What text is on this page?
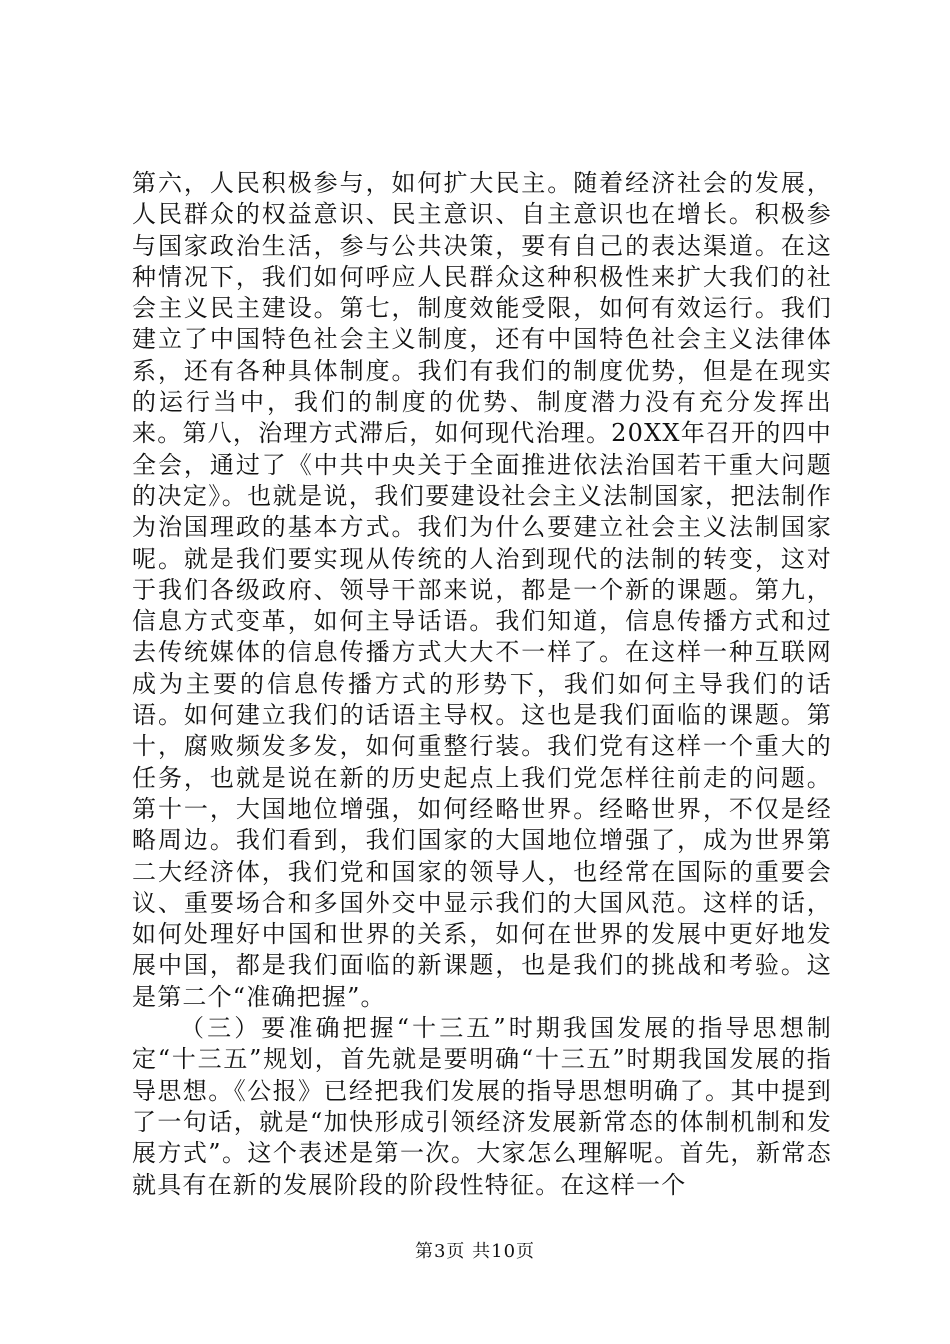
第六，人民积极参与，如何扩大民主。随着经济社会的发展，人民群众的权益意识、民主意识、自主意识也在增长。积极参与国家政治生活，参与公共决策，要有自己的表达渠道。在这种情况下，我们如何呼应人民群众这种积极性来扩大我们的社会主义民主建设。第七，制度效能受限，如何有效运行。我们建立了中国特色社会主义制度，还有中国特色社会主义法律体系，还有各种具体制度。我们有我们的制度优势，但是在现实的运行当中，我们的制度的优势、制度潜力没有充分发挥出来。第八，治理方式滞后，如何现代治理。20XX年召开的四中全会，通过了《中共中央关于全面推进依法治国若干重大问题的决定》。也就是说，我们要建设社会主义法制国家，把法制作为治国理政的基本方式。我们为什么要建立社会主义法制国家呢。就是我们要实现从传统的人治到现代的法制的转变，这对于我们各级政府、领导干部来说，都是一个新的课题。第九，信息方式变革，如何主导话语。我们知道，信息传播方式和过去传统媒体的信息传播方式大大不一样了。在这样一种互联网成为主要的信息传播方式的形势下，我们如何主导我们的话语。如何建立我们的话语主导权。这也是我们面临的课题。第十，腐败频发多发，如何重整行装。我们党有这样一个重大的任务，也就是说在新的历史起点上我们党怎样往前走的问题。第十一，大国地位增强，如何经略世界。经略世界，不仅是经略周边。我们看到，我们国家的大国地位增强了，成为世界第二大经济体，我们党和国家的领导人，也经常在国际的重要会议、重要场合和多国外交中显示我们的大国风范。这样的话，如何处理好中国和世界的关系，如何在世界的发展中更好地发展中国，都是我们面临的新课题，也是我们的挑战和考验。这是第二个“准确把握”。

（三）要准确把握“十三五”时期我国发展的指导思想制定“十三五”规划，首先就是要明确“十三五”时期我国发展的指导思想。《公报》已经把我们发展的指导思想明确了。其中提到了一句话，就是“加快形成引领经济发展新常态的体制机制和发展方式”。这个表述是第一次。大家怎么理解呢。首先，新常态就具有在新的发展阶段的阶段性特征。在这样一个

第3页 共10页
